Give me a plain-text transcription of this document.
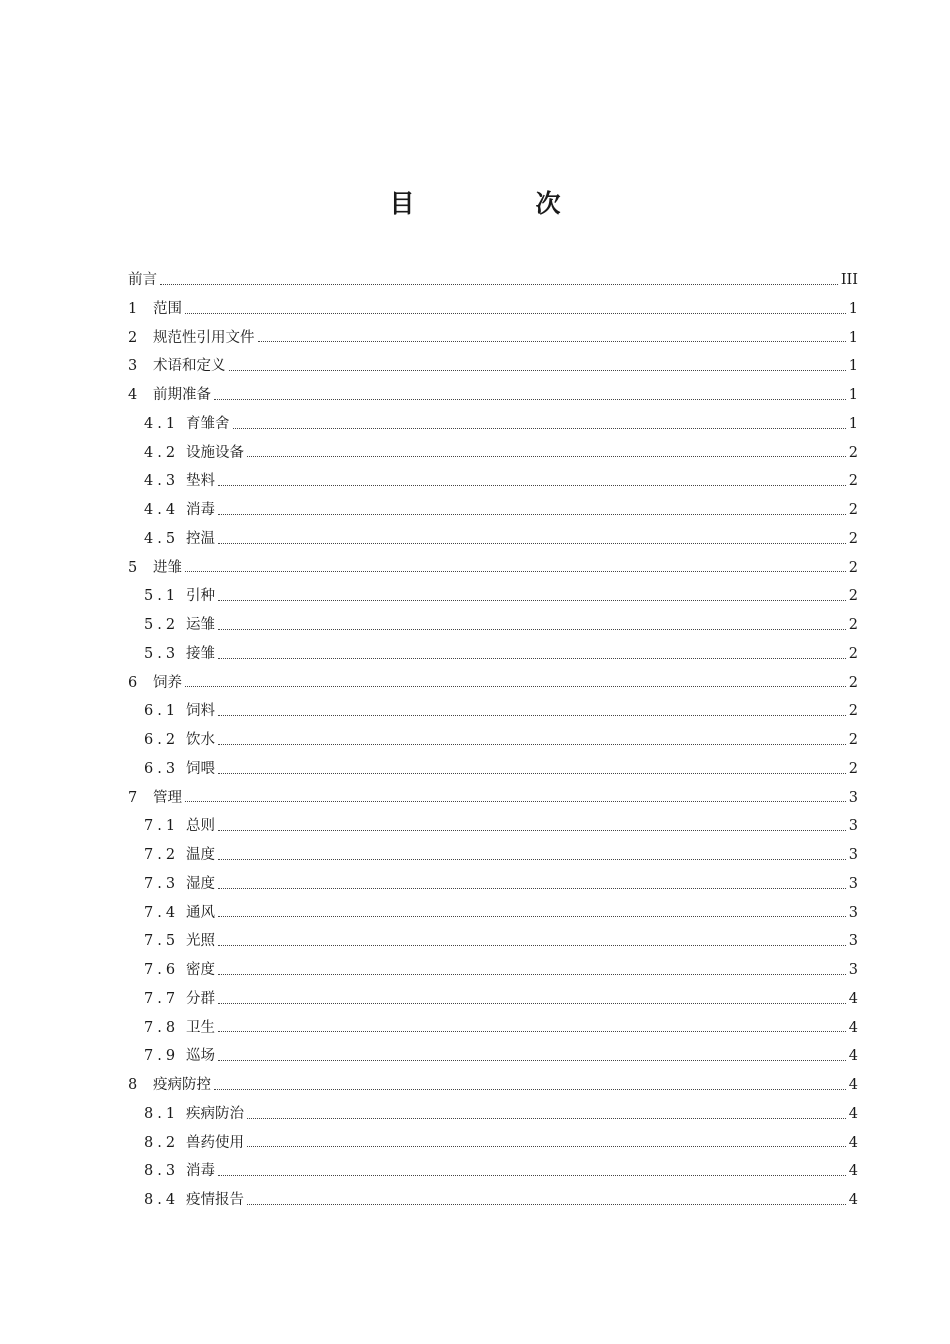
目　次
前言	III
1 范围	1
2 规范性引用文件	1
3 术语和定义	1
4 前期准备	1
4.1 育雏舍	1
4.2 设施设备	2
4.3 垫料	2
4.4 消毒	2
4.5 控温	2
5 进雏	2
5.1 引种	2
5.2 运雏	2
5.3 接雏	2
6 饲养	2
6.1 饲料	2
6.2 饮水	2
6.3 饲喂	2
7 管理	3
7.1 总则	3
7.2 温度	3
7.3 湿度	3
7.4 通风	3
7.5 光照	3
7.6 密度	3
7.7 分群	4
7.8 卫生	4
7.9 巡场	4
8 疫病防控	4
8.1 疾病防治	4
8.2 兽药使用	4
8.3 消毒	4
8.4 疫情报告	4
